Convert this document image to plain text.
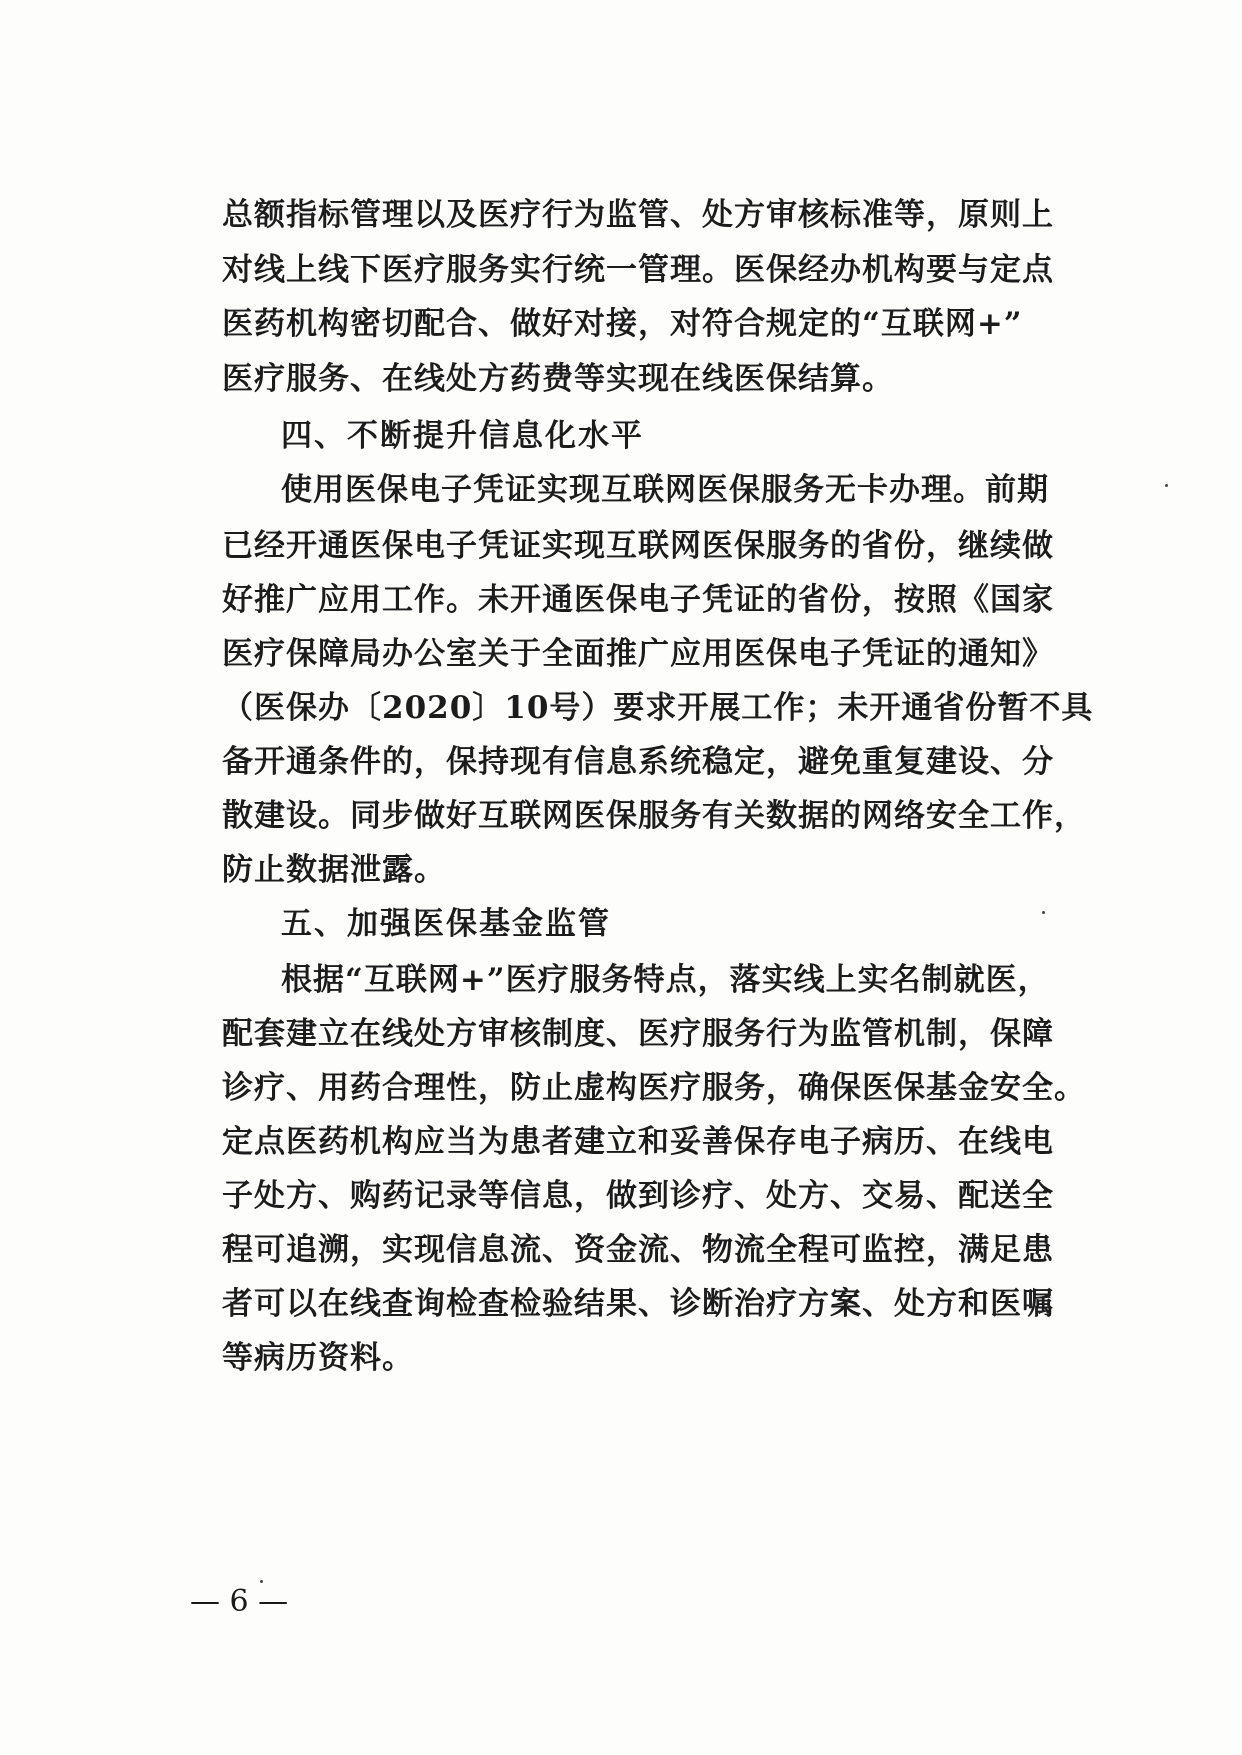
总额指标管理以及医疗行为监管、处方审核标准等，原则上
对线上线下医疗服务实行统一管理。医保经办机构要与定点
医药机构密切配合、做好对接，对符合规定的“互联网+”
医疗服务、在线处方药费等实现在线医保结算。
四、不断提升信息化水平
使用医保电子凭证实现互联网医保服务无卡办理。前期
已经开通医保电子凭证实现互联网医保服务的省份，继续做
好推广应用工作。未开通医保电子凭证的省份，按照《国家
医疗保障局办公室关于全面推广应用医保电子凭证的通知》
（医保办〔2020〕10号）要求开展工作；未开通省份暂不具
备开通条件的，保持现有信息系统稳定，避免重复建设、分
散建设。同步做好互联网医保服务有关数据的网络安全工作，
防止数据泄露。
五、加强医保基金监管
根据“互联网+”医疗服务特点，落实线上实名制就医，
配套建立在线处方审核制度、医疗服务行为监管机制，保障
诊疗、用药合理性，防止虚构医疗服务，确保医保基金安全。
定点医药机构应当为患者建立和妥善保存电子病历、在线电
子处方、购药记录等信息，做到诊疗、处方、交易、配送全
程可追溯，实现信息流、资金流、物流全程可监控，满足患
者可以在线查询检查检验结果、诊断治疗方案、处方和医嘱
等病历资料。
— 6 —
